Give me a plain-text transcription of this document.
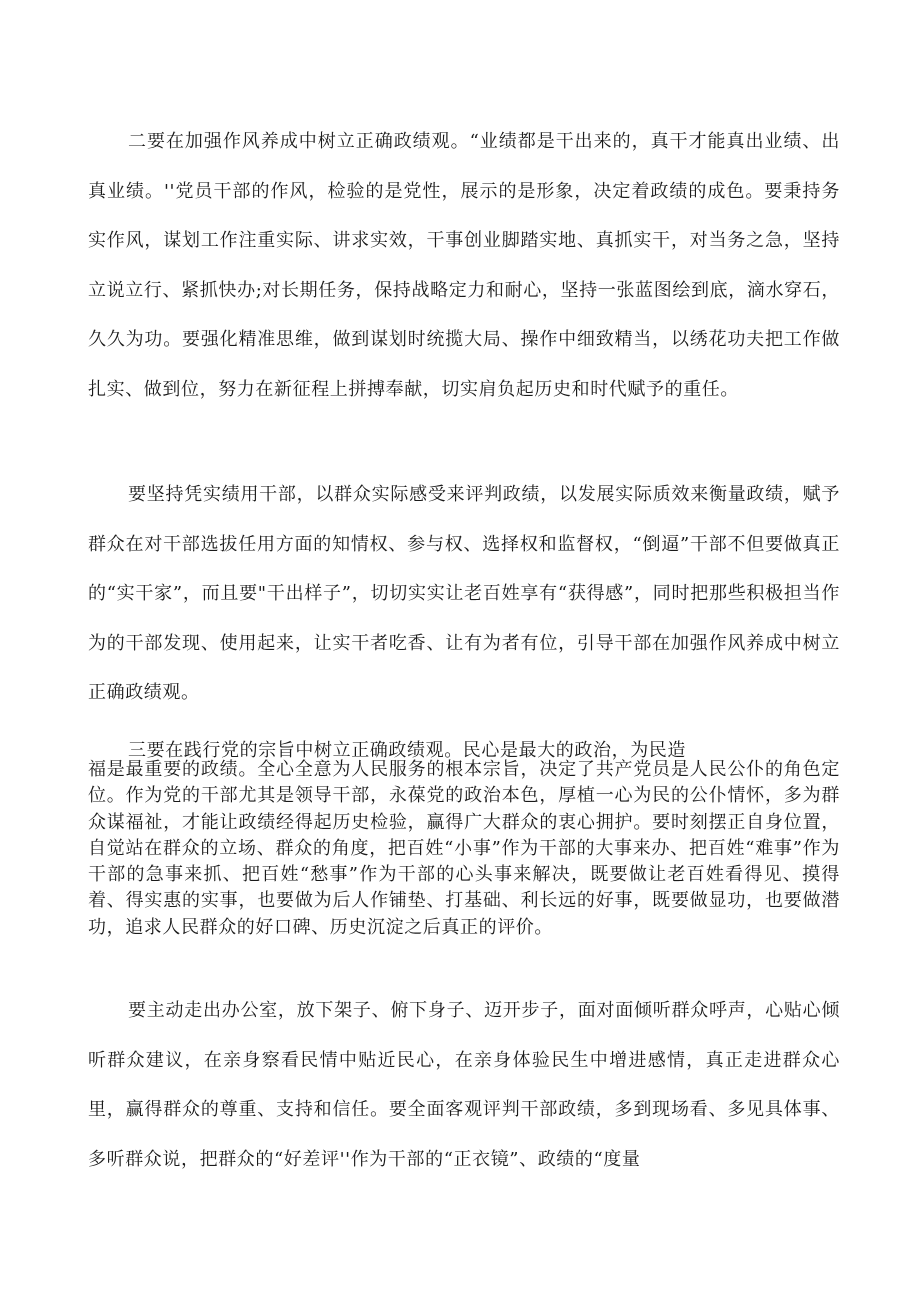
二要在加强作风养成中树立正确政绩观。“业绩都是干出来的，真干才能真出业绩、出真业绩。''党员干部的作风，检验的是党性，展示的是形象，决定着政绩的成色。要秉持务实作风，谋划工作注重实际、讲求实效，干事创业脚踏实地、真抓实干，对当务之急，坚持立说立行、紧抓快办;对长期任务，保持战略定力和耐心，坚持一张蓝图绘到底，滴水穿石，久久为功。要强化精准思维，做到谋划时统揽大局、操作中细致精当，以绣花功夫把工作做扎实、做到位，努力在新征程上拼搏奉献，切实肩负起历史和时代赋予的重任。

要坚持凭实绩用干部，以群众实际感受来评判政绩，以发展实际质效来衡量政绩，赋予群众在对干部选拔任用方面的知情权、参与权、选择权和监督权，“倒逼”干部不但要做真正的“实干家”，而且要"干出样子”，切切实实让老百姓享有“获得感”，同时把那些积极担当作为的干部发现、使用起来，让实干者吃香、让有为者有位，引导干部在加强作风养成中树立正确政绩观。

三要在践行党的宗旨中树立正确政绩观。民心是最大的政治，为民造

福是最重要的政绩。全心全意为人民服务的根本宗旨，决定了共产党员是人民公仆的角色定位。作为党的干部尤其是领导干部，永葆党的政治本色，厚植一心为民的公仆情怀，多为群众谋福祉，才能让政绩经得起历史检验，赢得广大群众的衷心拥护。要时刻摆正自身位置，自觉站在群众的立场、群众的角度，把百姓“小事”作为干部的大事来办、把百姓“难事”作为干部的急事来抓、把百姓“愁事”作为干部的心头事来解决，既要做让老百姓看得见、摸得着、得实惠的实事，也要做为后人作铺垫、打基础、利长远的好事，既要做显功，也要做潜功，追求人民群众的好口碑、历史沉淀之后真正的评价。

要主动走出办公室，放下架子、俯下身子、迈开步子，面对面倾听群众呼声，心贴心倾听群众建议，在亲身察看民情中贴近民心，在亲身体验民生中增进感情，真正走进群众心里，赢得群众的尊重、支持和信任。要全面客观评判干部政绩，多到现场看、多见具体事、多听群众说，把群众的“好差评''作为干部的“正衣镜”、政绩的“度量
